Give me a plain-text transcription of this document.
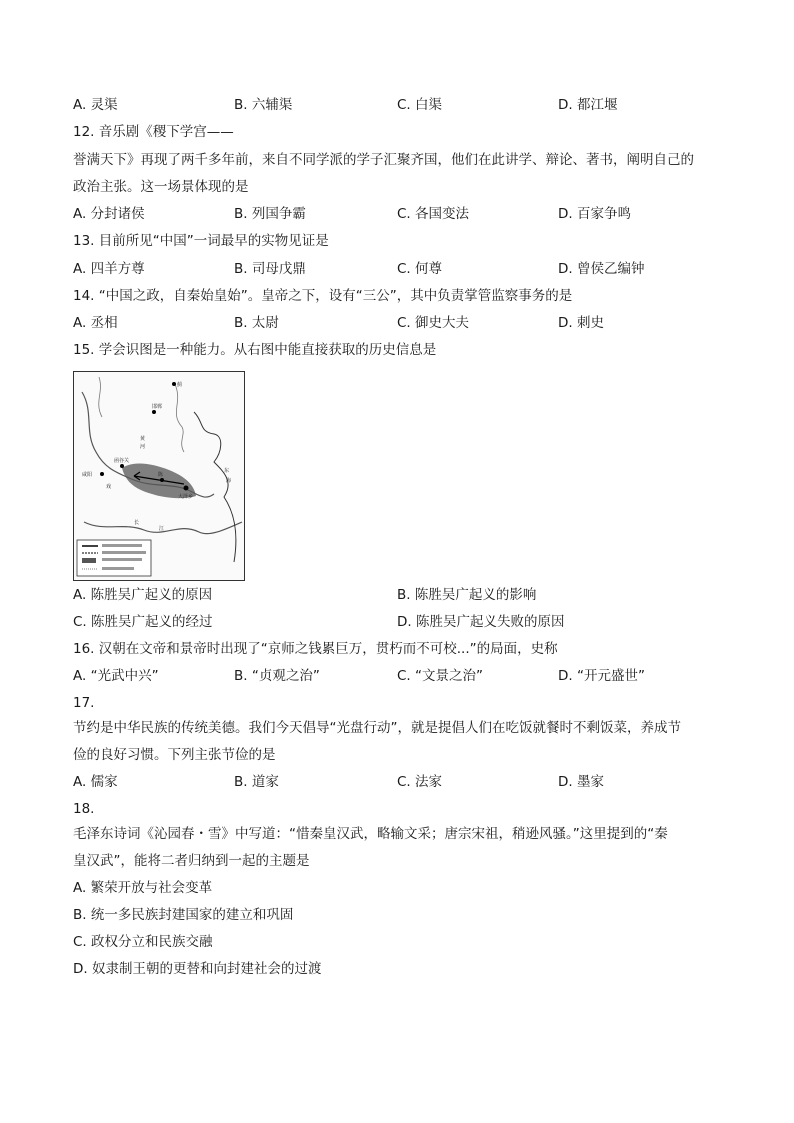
A. 灵渠	B. 六辅渠	C. 白渠	D. 都江堰
12. 音乐剧《稷下学宫——
誉满天下》再现了两千多年前，来自不同学派的学子汇聚齐国，他们在此讲学、辩论、著书，阐明自己的
政治主张。这一场景体现的是
A. 分封诸侯	B. 列国争霸	C. 各国变法	D. 百家争鸣
13. 目前所见“中国”一词最早的实物见证是
A. 四羊方尊	B. 司母戊鼎	C. 何尊	D. 曾侯乙编钟
14. “中国之政，自秦始皇始”。皇帝之下，设有“三公”，其中负责掌管监察事务的是
A. 丞相	B. 太尉	C. 御史大夫	D. 刺史
15. 学会识图是一种能力。从右图中能直接获取的历史信息是
蓟
邯郸
陈
咸阳
函谷关
大泽乡
黄
河
长
江
东
海
戏
A. 陈胜吴广起义的原因	B. 陈胜吴广起义的影响
C. 陈胜吴广起义的经过	D. 陈胜吴广起义失败的原因
16. 汉朝在文帝和景帝时出现了“京师之钱累巨万，贯朽而不可校...”的局面，史称
A. “光武中兴”	B. “贞观之治”	C. “文景之治”	D. “开元盛世”
17.
节约是中华民族的传统美德。我们今天倡导“光盘行动”，就是提倡人们在吃饭就餐时不剩饭菜，养成节
俭的良好习惯。下列主张节俭的是
A. 儒家	B. 道家	C. 法家	D. 墨家
18.
毛泽东诗词《沁园春・雪》中写道：“惜秦皇汉武，略输文采；唐宗宋祖，稍逊风骚。”这里提到的“秦
皇汉武”，能将二者归纳到一起的主题是
A. 繁荣开放与社会变革
B. 统一多民族封建国家的建立和巩固
C. 政权分立和民族交融
D. 奴隶制王朝的更替和向封建社会的过渡
